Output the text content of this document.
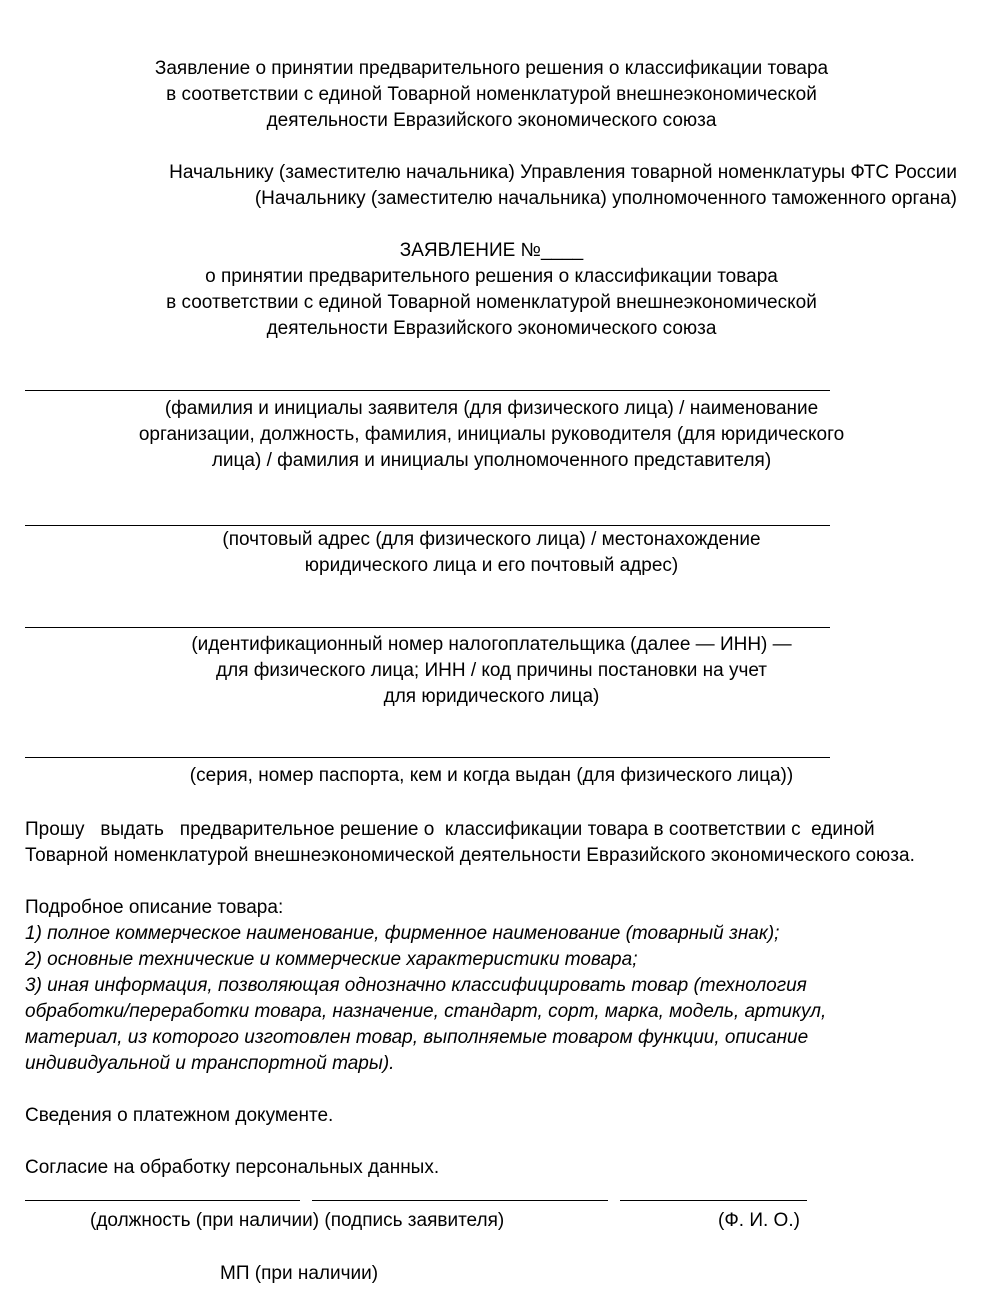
Заявление о принятии предварительного решения о классификации товара
в соответствии с единой Товарной номенклатурой внешнеэкономической
деятельности Евразийского экономического союза
Начальнику (заместителю начальника) Управления товарной номенклатуры ФТС России
(Начальнику (заместителю начальника) уполномоченного таможенного органа)
ЗАЯВЛЕНИЕ №____
о принятии предварительного решения о классификации товара
в соответствии с единой Товарной номенклатурой внешнеэкономической
деятельности Евразийского экономического союза
(фамилия и инициалы заявителя (для физического лица) / наименование
организации, должность, фамилия, инициалы руководителя (для юридического
лица) / фамилия и инициалы уполномоченного представителя)
(почтовый адрес (для физического лица) / местонахождение
юридического лица и его почтовый адрес)
(идентификационный номер налогоплательщика (далее — ИНН) —
для физического лица; ИНН / код причины постановки на учет
для юридического лица)
(серия, номер паспорта, кем и когда выдан (для физического лица))
Прошу   выдать   предварительное решение о  классификации товара в соответствии с  единой
Товарной номенклатурой внешнеэкономической деятельности Евразийского экономического союза.
Подробное описание товара:
1) полное коммерческое наименование, фирменное наименование (товарный знак);
2) основные технические и коммерческие характеристики товара;
3) иная информация, позволяющая однозначно классифицировать товар (технология
обработки/переработки товара, назначение, стандарт, сорт, марка, модель, артикул,
материал, из которого изготовлен товар, выполняемые товаром функции, описание
индивидуальной и транспортной тары).
Сведения о платежном документе.
Согласие на обработку персональных данных.
(должность (при наличии) (подпись заявителя)	(Ф. И. О.)
МП (при наличии)
